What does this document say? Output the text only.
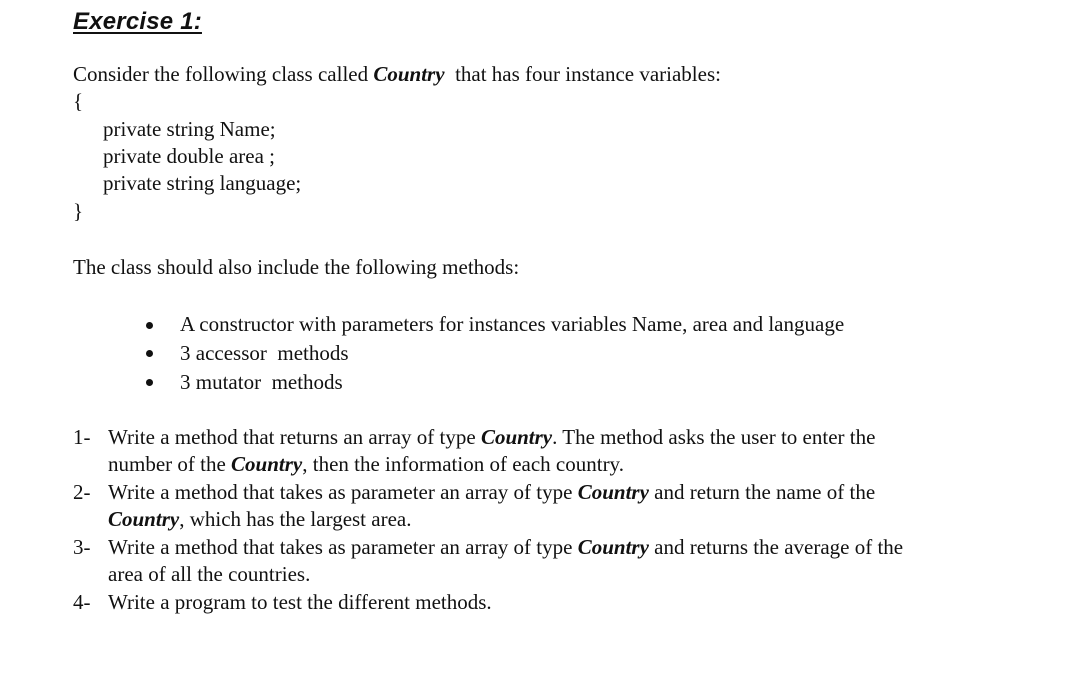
Exercise 1:
Consider the following class called Country  that has four instance variables:
{
private string Name;
private double area ;
private string language;
}
The class should also include the following methods:
A constructor with parameters for instances variables Name, area and language
3 accessor  methods
3 mutator  methods
1- Write a method that returns an array of type Country. The method asks the user to enter the
number of the Country, then the information of each country.
2- Write a method that takes as parameter an array of type Country and return the name of the
Country, which has the largest area.
3- Write a method that takes as parameter an array of type Country and returns the average of the
area of all the countries.
4- Write a program to test the different methods.
